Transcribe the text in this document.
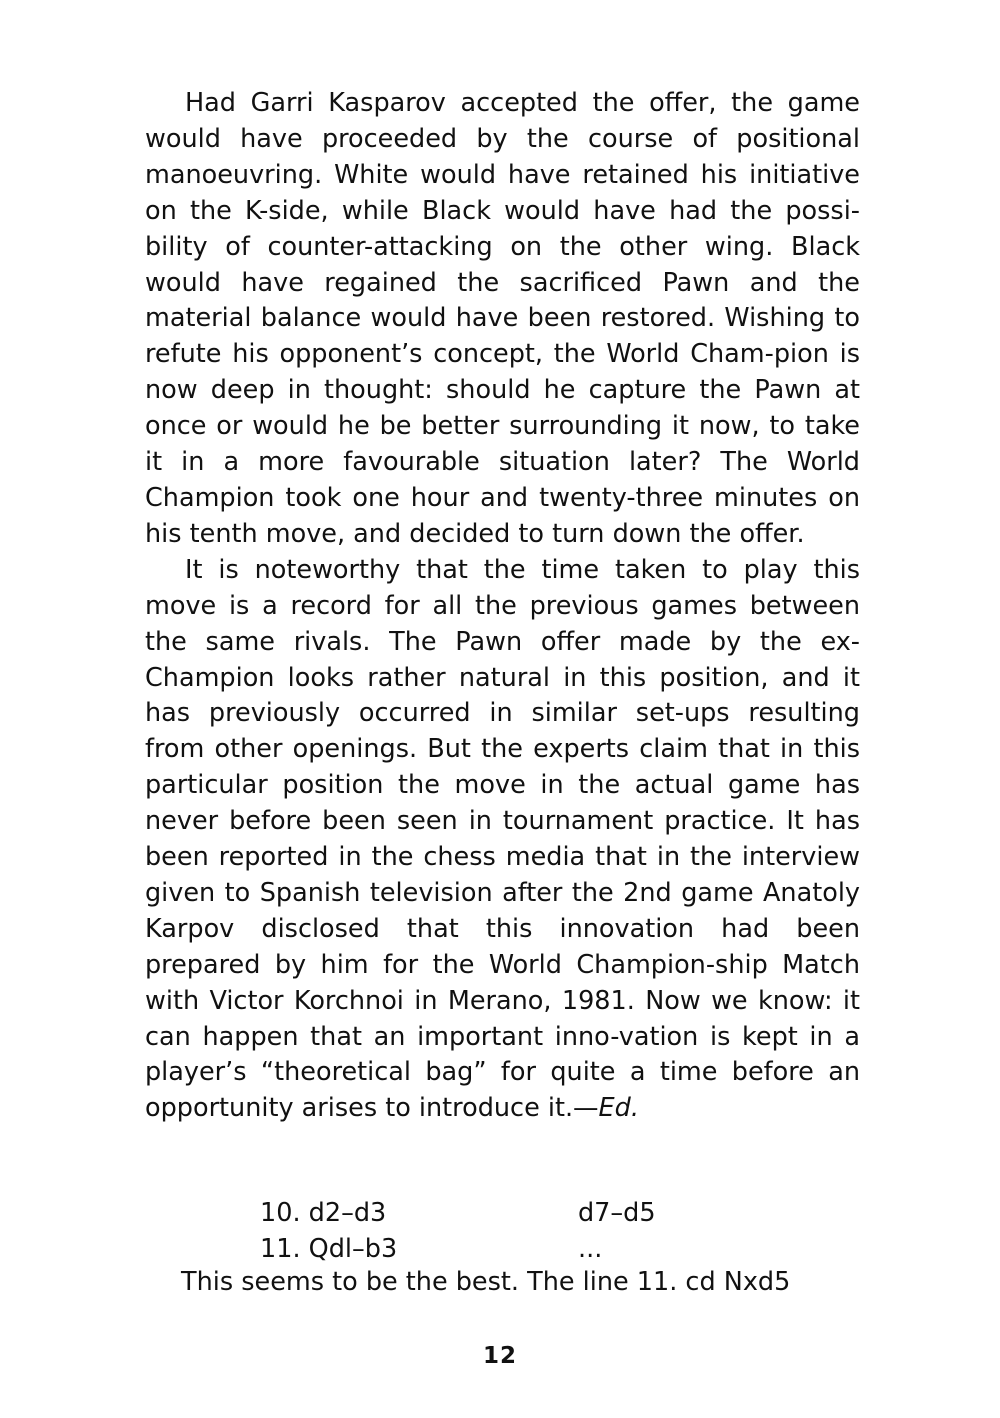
Had Garri Kasparov accepted the offer, the game would have proceeded by the course of positional manoeuvring. White would have retained his initiative on the K-side, while Black would have had the possi-bility of counter-attacking on the other wing. Black would have regained the sacrificed Pawn and the material balance would have been restored. Wishing to refute his opponent’s concept, the World Cham-pion is now deep in thought: should he capture the Pawn at once or would he be better surrounding it now, to take it in a more favourable situation later? The World Champion took one hour and twenty-three minutes on his tenth move, and decided to turn down the offer.

It is noteworthy that the time taken to play this move is a record for all the previous games between the same rivals. The Pawn offer made by the ex-Champion looks rather natural in this position, and it has previously occurred in similar set-ups resulting from other openings. But the experts claim that in this particular position the move in the actual game has never before been seen in tournament practice. It has been reported in the chess media that in the interview given to Spanish television after the 2nd game Anatoly Karpov disclosed that this innovation had been prepared by him for the World Champion-ship Match with Victor Korchnoi in Merano, 1981. Now we know: it can happen that an important inno-vation is kept in a player’s “theoretical bag” for quite a time before an opportunity arises to introduce it.—Ed.

10. d2–d3	d7–d5
11. Qdl–b3	...

This seems to be the best. The line 11. cd Nxd5

12
